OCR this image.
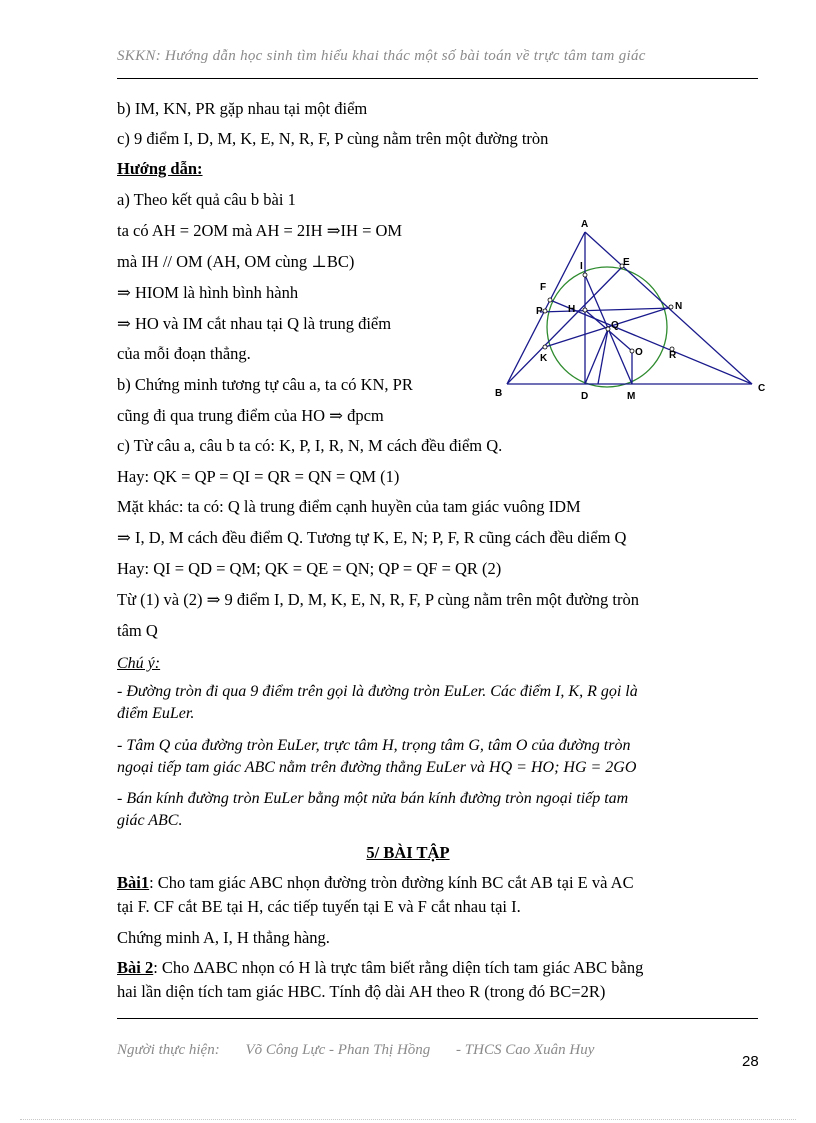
SKKN: Hướng dẫn học sinh tìm hiểu khai thác một số bài toán về trực tâm tam giác
b) IM, KN, PR gặp nhau tại một điểm
c) 9 điểm I, D, M, K, E, N, R, F, P cùng nằm trên một đường tròn
Hướng dẫn:
a) Theo kết quả câu b bài 1
ta có AH = 2OM mà AH = 2IH ⇒IH = OM
mà IH // OM (AH, OM cùng ⊥BC)
⇒ HIOM là hình bình hành
⇒ HO và IM cắt nhau tại Q là trung điểm
của mỗi đoạn thẳng.
b) Chứng minh tương tự câu a, ta có KN, PR
cũng đi qua trung điểm của HO ⇒ đpcm
c) Từ câu a, câu b ta có: K, P, I, R, N, M cách đều điểm Q.
Hay: QK = QP = QI = QR = QN = QM (1)
Mặt khác: ta có: Q là trung điểm cạnh huyền của tam giác vuông IDM
⇒ I, D, M cách đều điểm Q. Tương tự K, E, N; P, F, R cũng cách đều diểm Q
Hay: QI = QD = QM; QK = QE = QN; QP = QF = QR (2)
Từ (1) và (2) ⇒ 9 điểm I, D, M, K, E, N, R, F, P cùng nằm trên một đường tròn
tâm Q
Chú ý:
- Đường tròn đi qua 9 điểm trên gọi là đường tròn EuLer. Các điểm I, K, R gọi là
điểm EuLer.
- Tâm Q của đường tròn EuLer, trực tâm H, trọng tâm G, tâm O của đường tròn
ngoại tiếp tam giác ABC nằm trên đường thẳng EuLer và HQ = HO; HG = 2GO
- Bán kính đường tròn EuLer bằng một nửa bán kính đường tròn ngoại tiếp tam
giác ABC.
5/ BÀI TẬP
Bài1: Cho tam giác ABC nhọn đường tròn đường kính BC cắt AB tại E và AC
tại F. CF cắt BE tại H, các tiếp tuyến tại E và F cắt nhau tại I.
Chứng minh A, I, H thẳng hàng.
Bài 2: Cho ∆ABC nhọn có H là trực tâm biết rằng diện tích tam giác ABC bằng
hai lần diện tích tam giác HBC. Tính độ dài AH theo R (trong đó BC=2R)
A
B	C
D	M
E
F
I
H
P
Q
O
N
K	R
Người thực hiện: Võ Công Lực - Phan Thị Hồng - THCS Cao Xuân Huy
28
